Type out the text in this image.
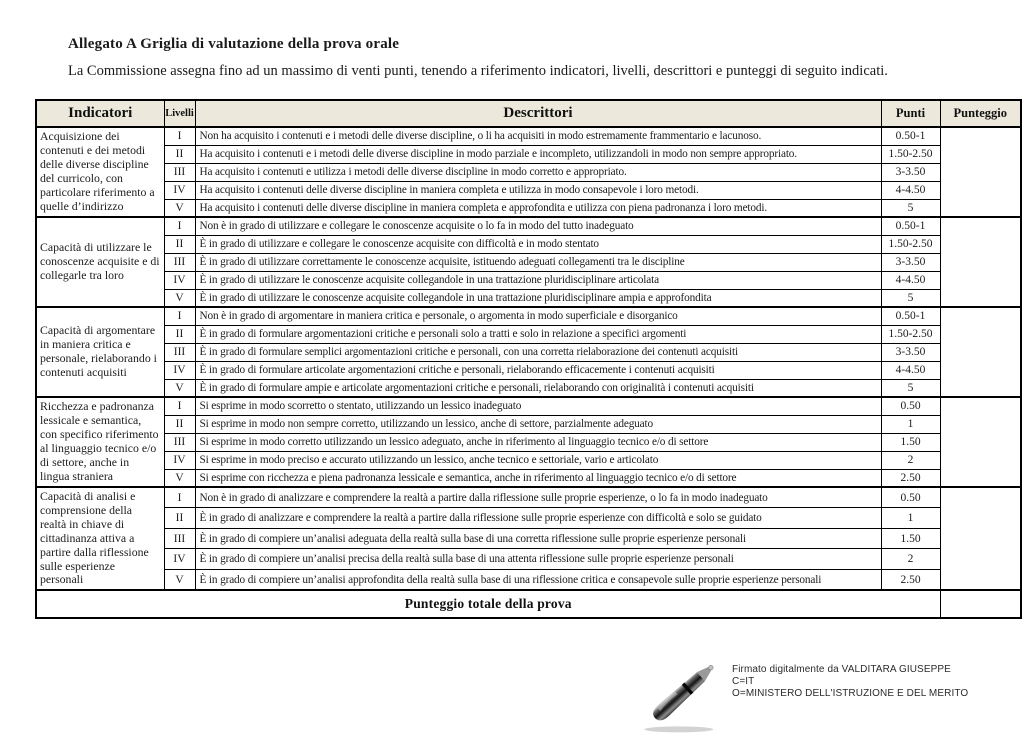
Allegato A Griglia di valutazione della prova orale
La Commissione assegna fino ad un massimo di venti punti, tenendo a riferimento indicatori, livelli, descrittori e punteggi di seguito indicati.
Indicatori	Livelli	Descrittori	Punti	Punteggio
Acquisizione dei contenuti e dei metodi delle diverse discipline del curricolo, con particolare riferimento a quelle d’indirizzo	I	Non ha acquisito i contenuti e i metodi delle diverse discipline, o li ha acquisiti in modo estremamente frammentario e lacunoso.	0.50-1	
	II	Ha acquisito i contenuti e i metodi delle diverse discipline in modo parziale e incompleto, utilizzandoli in modo non sempre appropriato.	1.50-2.50	
	III	Ha acquisito i contenuti e utilizza i metodi delle diverse discipline in modo corretto e appropriato.	3-3.50	
	IV	Ha acquisito i contenuti delle diverse discipline in maniera completa e utilizza in modo consapevole i loro metodi.	4-4.50	
	V	Ha acquisito i contenuti delle diverse discipline in maniera completa e approfondita e utilizza con piena padronanza i loro metodi.	5	
Capacità di utilizzare le conoscenze acquisite e di collegarle tra loro	I	Non è in grado di utilizzare e collegare le conoscenze acquisite o lo fa in modo del tutto inadeguato	0.50-1	
	II	È in grado di utilizzare e collegare le conoscenze acquisite con difficoltà e in modo stentato	1.50-2.50	
	III	È in grado di utilizzare correttamente le conoscenze acquisite, istituendo adeguati collegamenti tra le discipline	3-3.50	
	IV	È in grado di utilizzare le conoscenze acquisite collegandole in una trattazione pluridisciplinare articolata	4-4.50	
	V	È in grado di utilizzare le conoscenze acquisite collegandole in una trattazione pluridisciplinare ampia e approfondita	5	
Capacità di argomentare in maniera critica e personale, rielaborando i contenuti acquisiti	I	Non è in grado di argomentare in maniera critica e personale, o argomenta in modo superficiale e disorganico	0.50-1	
	II	È in grado di formulare argomentazioni critiche e personali solo a tratti e solo in relazione a specifici argomenti	1.50-2.50	
	III	È in grado di formulare semplici argomentazioni critiche e personali, con una corretta rielaborazione dei contenuti acquisiti	3-3.50	
	IV	È in grado di formulare articolate argomentazioni critiche e personali, rielaborando efficacemente i contenuti acquisiti	4-4.50	
	V	È in grado di formulare ampie e articolate argomentazioni critiche e personali, rielaborando con originalità i contenuti acquisiti	5	
Ricchezza e padronanza lessicale e semantica, con specifico riferimento al linguaggio tecnico e/o di settore, anche in lingua straniera	I	Si esprime in modo scorretto o stentato, utilizzando un lessico inadeguato	0.50	
	II	Si esprime in modo non sempre corretto, utilizzando un lessico, anche di settore, parzialmente adeguato	1	
	III	Si esprime in modo corretto utilizzando un lessico adeguato, anche in riferimento al linguaggio tecnico e/o di settore	1.50	
	IV	Si esprime in modo preciso e accurato utilizzando un lessico, anche tecnico e settoriale, vario e articolato	2	
	V	Si esprime con ricchezza e piena padronanza lessicale e semantica, anche in riferimento al linguaggio tecnico e/o di settore	2.50	
Capacità di analisi e comprensione della realtà in chiave di cittadinanza attiva a partire dalla riflessione sulle esperienze personali	I	Non è in grado di analizzare e comprendere la realtà a partire dalla riflessione sulle proprie esperienze, o lo fa in modo inadeguato	0.50	
	II	È in grado di analizzare e comprendere la realtà a partire dalla riflessione sulle proprie esperienze con difficoltà e solo se guidato	1	
	III	È in grado di compiere un’analisi adeguata della realtà sulla base di una corretta riflessione sulle proprie esperienze personali	1.50	
	IV	È in grado di compiere un’analisi precisa della realtà sulla base di una attenta riflessione sulle proprie esperienze personali	2	
	V	È in grado di compiere un’analisi approfondita della realtà sulla base di una riflessione critica e consapevole sulle proprie esperienze personali	2.50	
Punteggio totale della prova				
Firmato digitalmente da VALDITARA GIUSEPPE
C=IT
O=MINISTERO DELL'ISTRUZIONE E DEL MERITO
